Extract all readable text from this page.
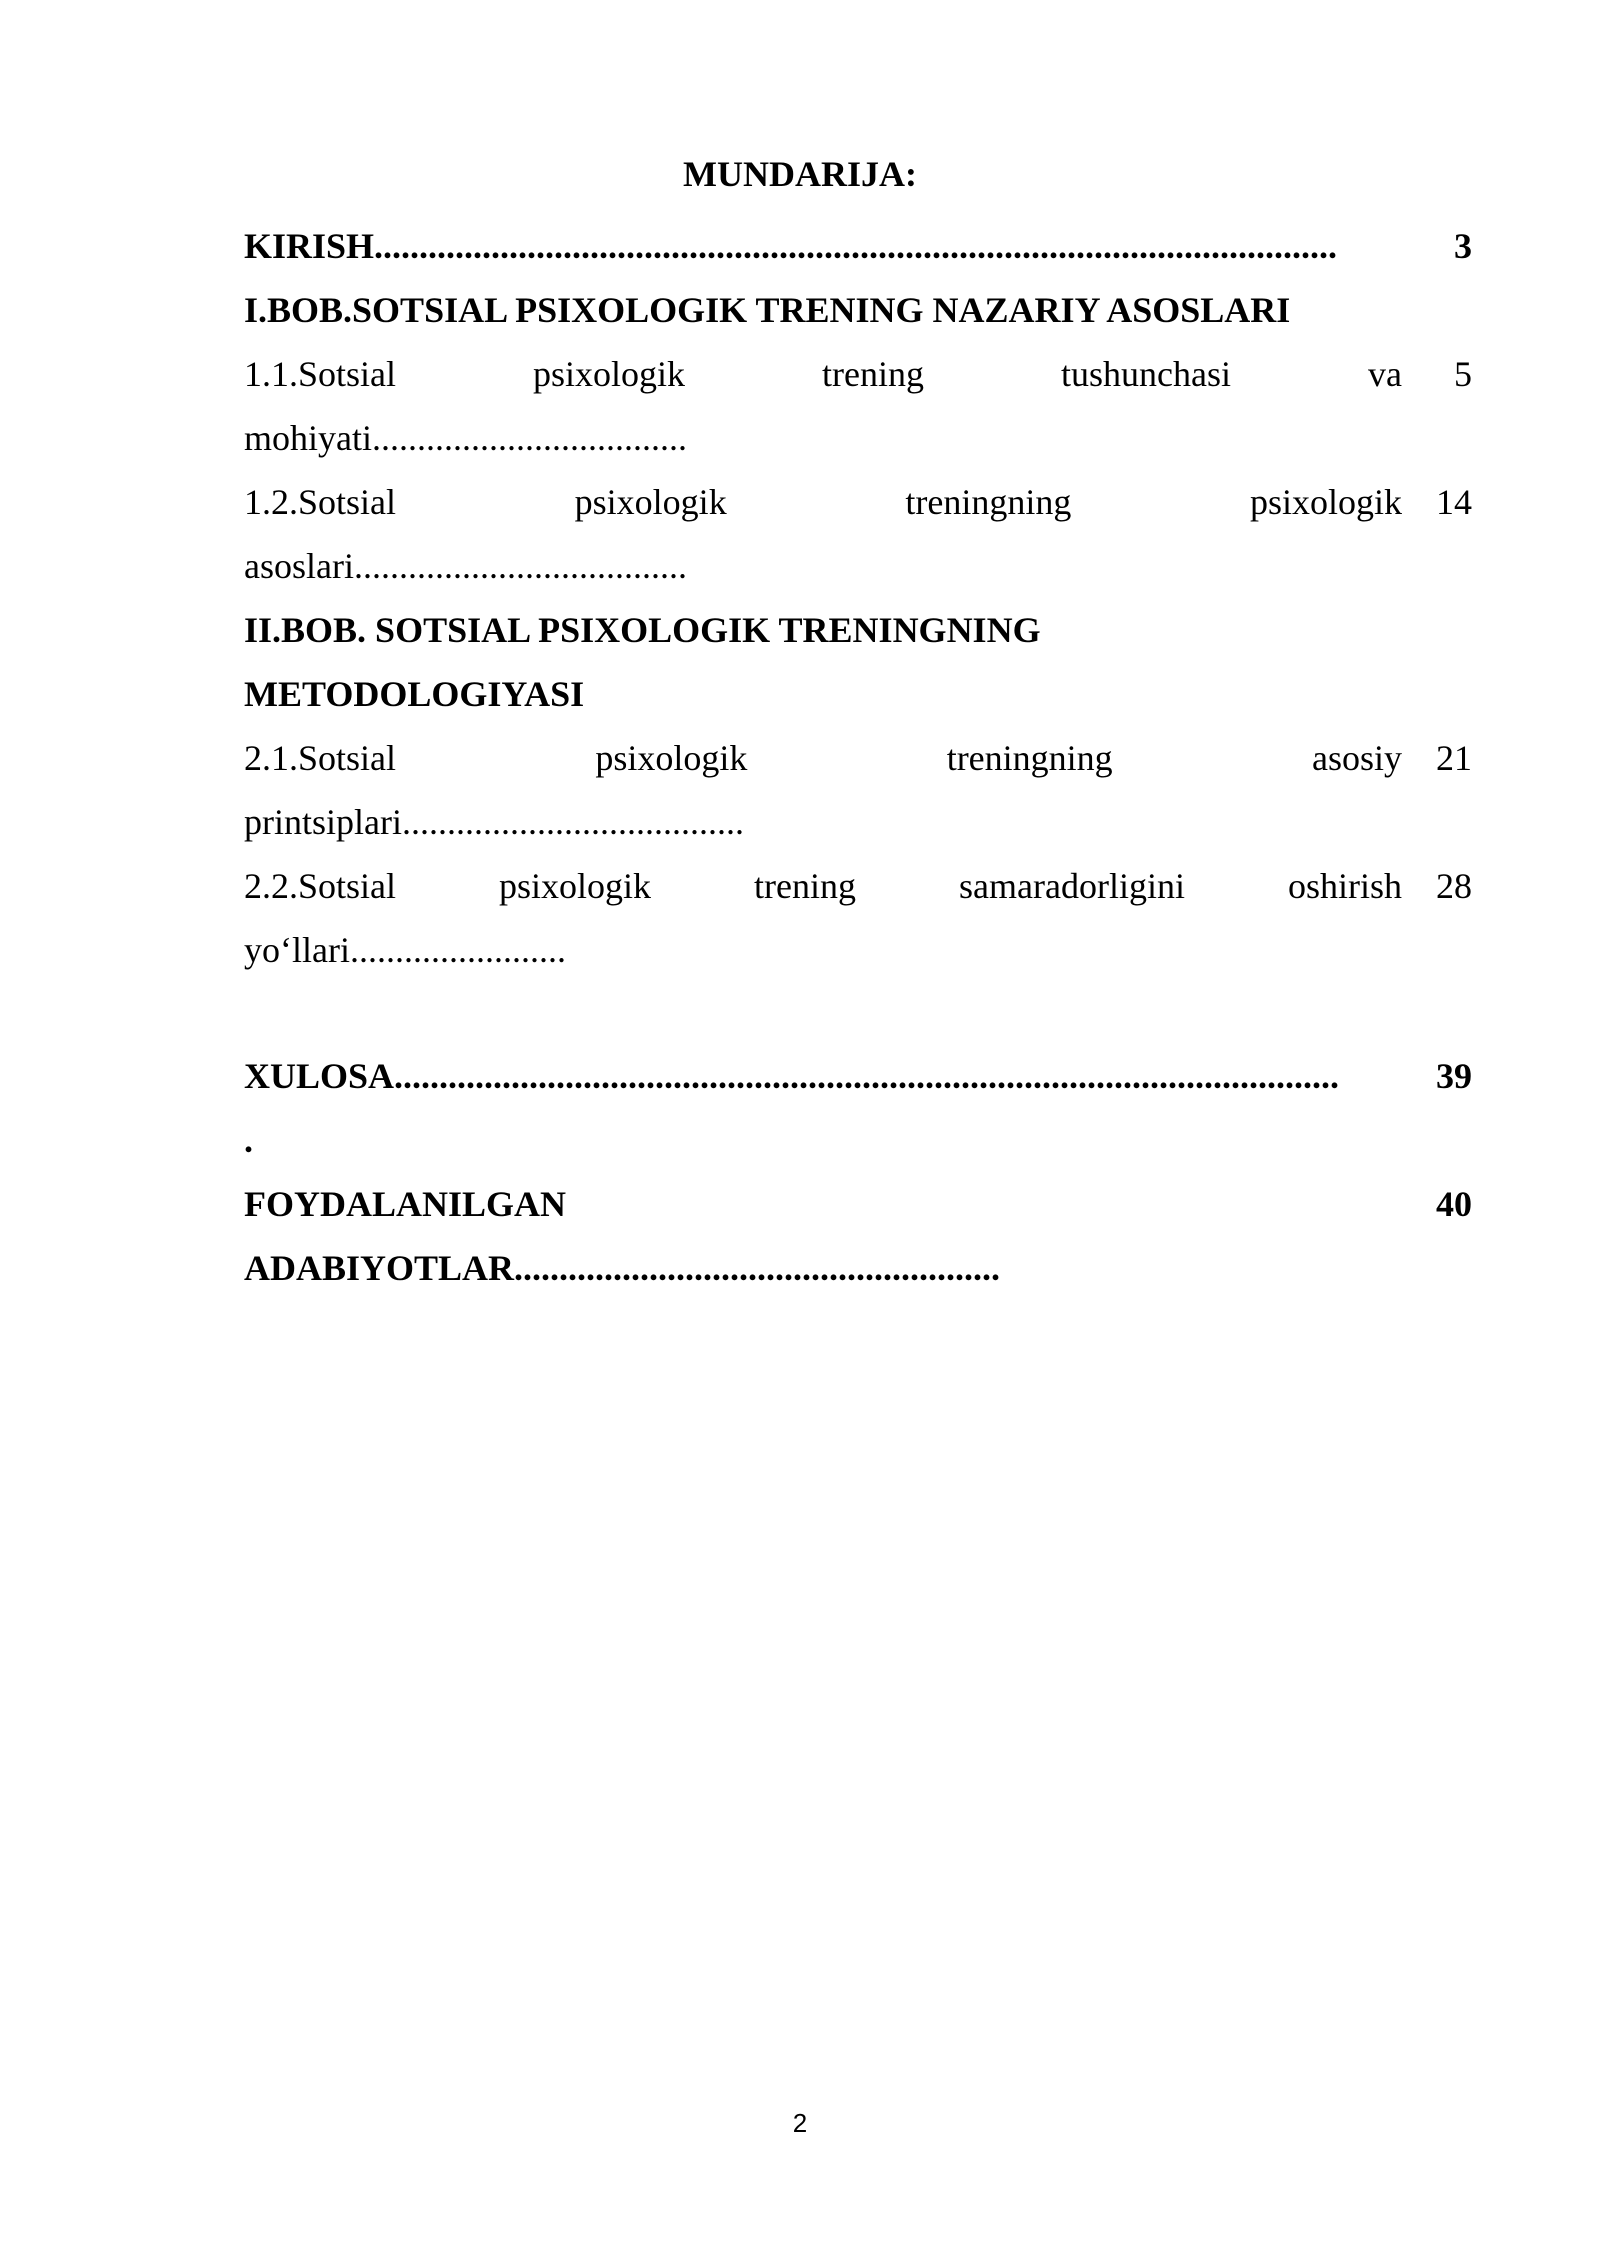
MUNDARIJA:
KIRISH...........................................................................................................	3
I.BOB.SOTSIAL PSIXOLOGIK TRENING NAZARIY ASOSLARI
1.1.Sotsial	psixologik	trening	tushunchasi	va	5
mohiyati...................................
1.2.Sotsial	psixologik	treningning	psixologik 14
asoslari.....................................
II.BOB. SOTSIAL PSIXOLOGIK TRENINGNING
METODOLOGIYASI
2.1.Sotsial	psixologik	treningning	asosiy 21
printsiplari......................................
2.2.Sotsial	psixologik	trening	samaradorligini	oshirish 28
yo‘llari........................
XULOSA.........................................................................................................	39
.
FOYDALANILGAN	40
ADABIYOTLAR......................................................
2
